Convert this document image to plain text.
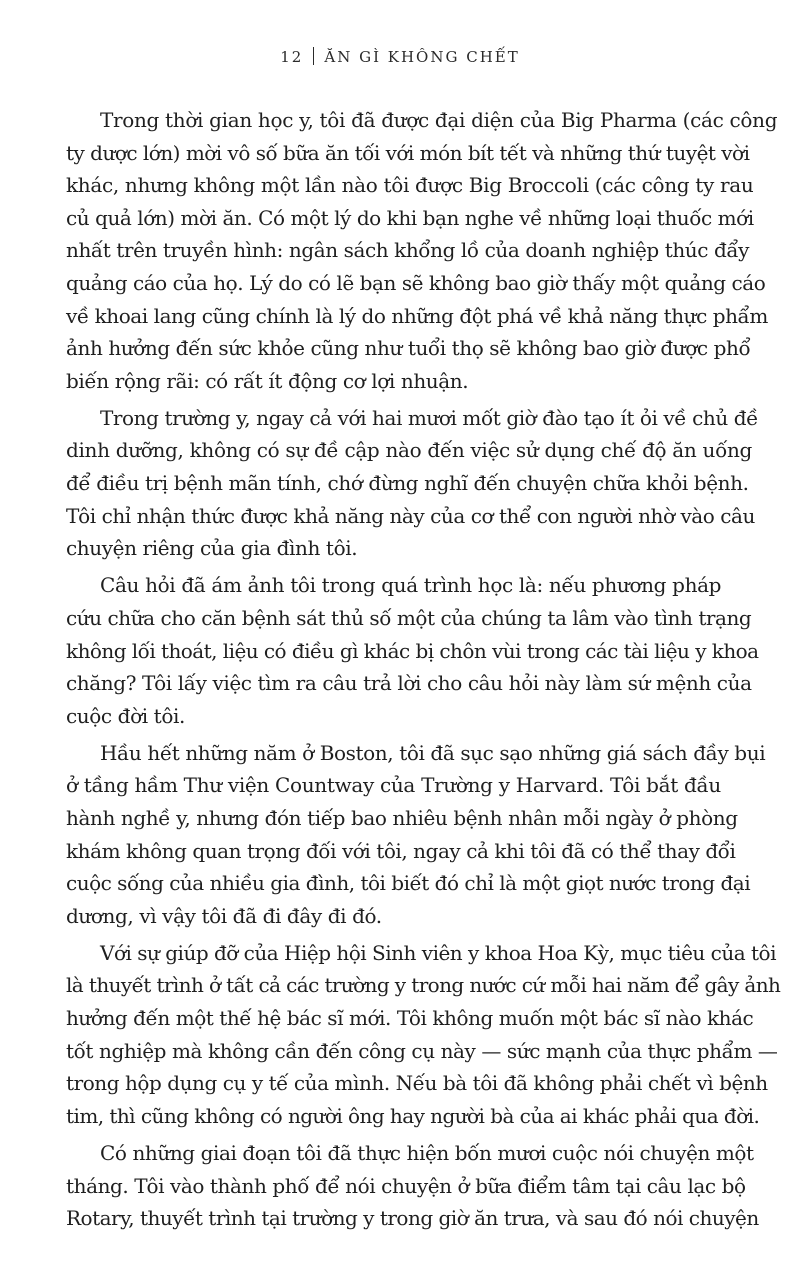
12 ĂN GÌ KHÔNG CHẾT
Trong thời gian học y, tôi đã được đại diện của Big Pharma (các công
ty dược lớn) mời vô số bữa ăn tối với món bít tết và những thứ tuyệt vời
khác, nhưng không một lần nào tôi được Big Broccoli (các công ty rau
củ quả lớn) mời ăn. Có một lý do khi bạn nghe về những loại thuốc mới
nhất trên truyền hình: ngân sách khổng lồ của doanh nghiệp thúc đẩy
quảng cáo của họ. Lý do có lẽ bạn sẽ không bao giờ thấy một quảng cáo
về khoai lang cũng chính là lý do những đột phá về khả năng thực phẩm
ảnh hưởng đến sức khỏe cũng như tuổi thọ sẽ không bao giờ được phổ
biến rộng rãi: có rất ít động cơ lợi nhuận.
Trong trường y, ngay cả với hai mươi mốt giờ đào tạo ít ỏi về chủ đề
dinh dưỡng, không có sự đề cập nào đến việc sử dụng chế độ ăn uống
để điều trị bệnh mãn tính, chớ đừng nghĩ đến chuyện chữa khỏi bệnh.
Tôi chỉ nhận thức được khả năng này của cơ thể con người nhờ vào câu
chuyện riêng của gia đình tôi.
Câu hỏi đã ám ảnh tôi trong quá trình học là: nếu phương pháp
cứu chữa cho căn bệnh sát thủ số một của chúng ta lâm vào tình trạng
không lối thoát, liệu có điều gì khác bị chôn vùi trong các tài liệu y khoa
chăng? Tôi lấy việc tìm ra câu trả lời cho câu hỏi này làm sứ mệnh của
cuộc đời tôi.
Hầu hết những năm ở Boston, tôi đã sục sạo những giá sách đầy bụi
ở tầng hầm Thư viện Countway của Trường y Harvard. Tôi bắt đầu
hành nghề y, nhưng đón tiếp bao nhiêu bệnh nhân mỗi ngày ở phòng
khám không quan trọng đối với tôi, ngay cả khi tôi đã có thể thay đổi
cuộc sống của nhiều gia đình, tôi biết đó chỉ là một giọt nước trong đại
dương, vì vậy tôi đã đi đây đi đó.
Với sự giúp đỡ của Hiệp hội Sinh viên y khoa Hoa Kỳ, mục tiêu của tôi
là thuyết trình ở tất cả các trường y trong nước cứ mỗi hai năm để gây ảnh
hưởng đến một thế hệ bác sĩ mới. Tôi không muốn một bác sĩ nào khác
tốt nghiệp mà không cần đến công cụ này — sức mạnh của thực phẩm —
trong hộp dụng cụ y tế của mình. Nếu bà tôi đã không phải chết vì bệnh
tim, thì cũng không có người ông hay người bà của ai khác phải qua đời.
Có những giai đoạn tôi đã thực hiện bốn mươi cuộc nói chuyện một
tháng. Tôi vào thành phố để nói chuyện ở bữa điểm tâm tại câu lạc bộ
Rotary, thuyết trình tại trường y trong giờ ăn trưa, và sau đó nói chuyện
